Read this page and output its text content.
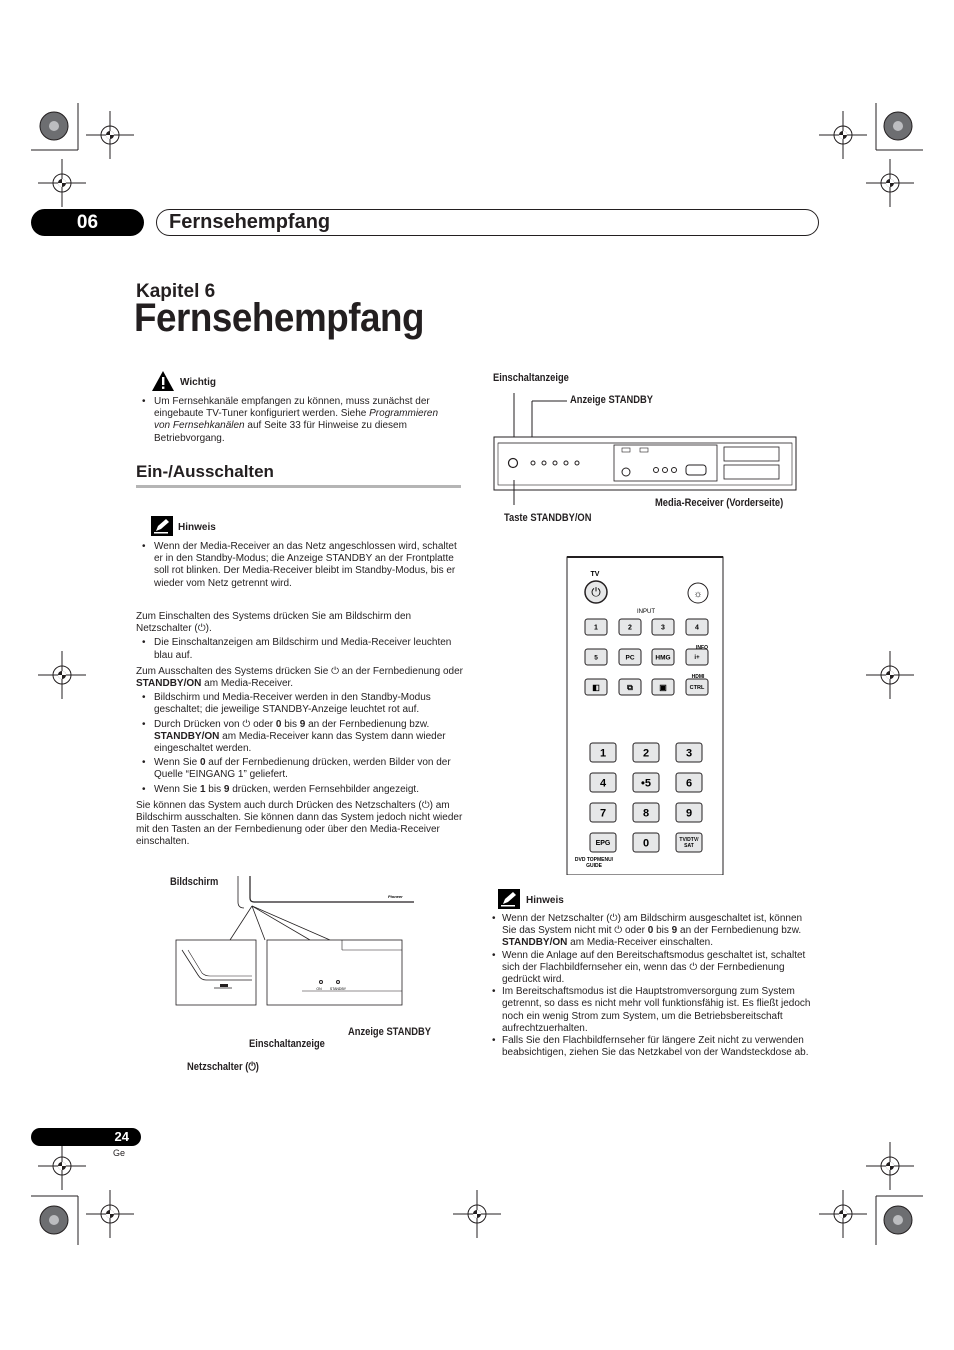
06	Fernsehempfang
Kapitel 6
Fernsehempfang
Wichtig
• Um Fernsehkanäle empfangen zu können, muss zunächst der eingebaute TV-Tuner konfiguriert werden. Siehe Programmieren von Fernsehkanälen auf Seite 33 für Hinweise zu diesem Betriebvorgang.
Ein-/Ausschalten
Hinweis
• Wenn der Media-Receiver an das Netz angeschlossen wird, schaltet er in den Standby-Modus; die Anzeige STANDBY an der Frontplatte soll rot blinken. Der Media-Receiver bleibt im Standby-Modus, bis er wieder vom Netz getrennt wird.
Zum Einschalten des Systems drücken Sie am Bildschirm den Netzschalter (⏻).
• Die Einschaltanzeigen am Bildschirm und Media-Receiver leuchten blau auf.
Zum Ausschalten des Systems drücken Sie ⏻ an der Fernbedienung oder STANDBY/ON am Media-Receiver.
• Bildschirm und Media-Receiver werden in den Standby-Modus geschaltet; die jeweilige STANDBY-Anzeige leuchtet rot auf.
• Durch Drücken von ⏻ oder 0 bis 9 an der Fernbedienung bzw. STANDBY/ON am Media-Receiver kann das System dann wieder eingeschaltet werden.
• Wenn Sie 0 auf der Fernbedienung drücken, werden Bilder von der Quelle “EINGANG 1” geliefert.
• Wenn Sie 1 bis 9 drücken, werden Fernsehbilder angezeigt.
Sie können das System auch durch Drücken des Netzschalters (⏻) am Bildschirm ausschalten. Sie können dann das System jedoch nicht wieder mit den Tasten an der Fernbedienung oder über den Media-Receiver einschalten.
Einschaltanzeige
Anzeige STANDBY
Media-Receiver (Vorderseite)
Taste STANDBY/ON
TV
⏻	☼
INPUT
1	2	3	4
5	PC	HMG	i+
◧	⧉	▣	CTRL
INFO
HDMI
1	2	3
4	•5	6
7	8	9
EPG	0	TV/DTV/ SAT
DVD TOPMENU/ GUIDE
Bildschirm
Anzeige STANDBY
Einschaltanzeige
Netzschalter (⏻)
Pioneer
ON STANDBY
Hinweis
• Wenn der Netzschalter (⏻) am Bildschirm ausgeschaltet ist, können Sie das System nicht mit ⏻ oder 0 bis 9 an der Fernbedienung bzw. STANDBY/ON am Media-Receiver einschalten.
• Wenn die Anlage auf den Bereitschaftsmodus geschaltet ist, schaltet sich der Flachbildfernseher ein, wenn das ⏻ der Fernbedienung gedrückt wird.
• Im Bereitschaftsmodus ist die Hauptstromversorgung zum System getrennt, so dass es nicht mehr voll funktionsfähig ist. Es fließt jedoch noch ein wenig Strom zum System, um die Betriebsbereitschaft aufrechtzuerhalten.
• Falls Sie den Flachbildfernseher für längere Zeit nicht zu verwenden beabsichtigen, ziehen Sie das Netzkabel von der Wandsteckdose ab.
24
Ge
